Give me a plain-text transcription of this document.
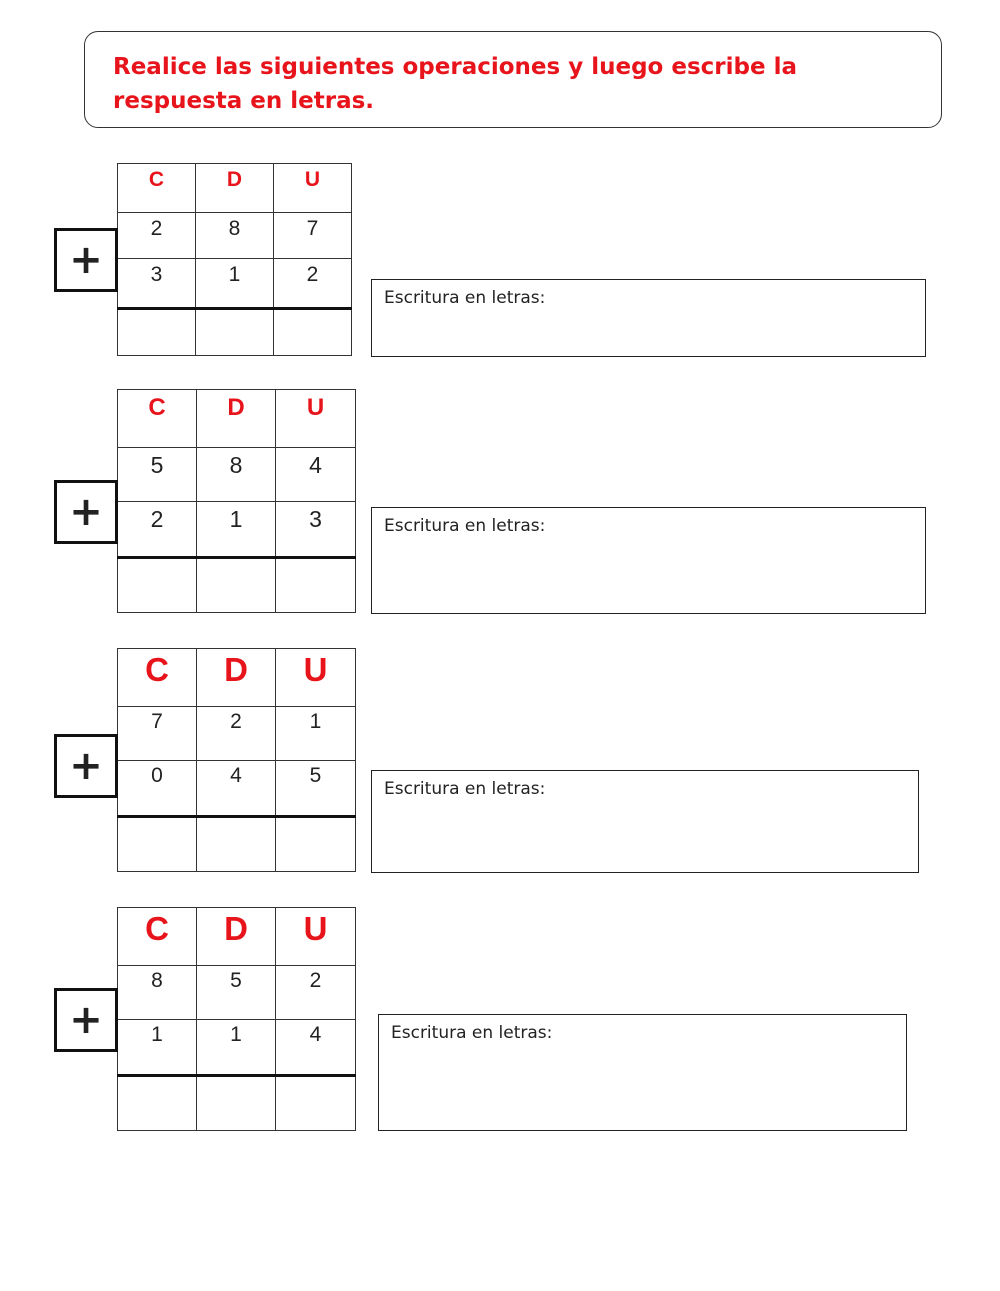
Realice las siguientes operaciones y luego escribe la respuesta en letras.
C	D	U
2	8	7
3	1	2

+
Escritura en letras:
C	D	U
5	8	4
2	1	3

+	Escritura en letras:
C	D	U
7	2	1
0	4	5

+	Escritura en letras:
C	D	U
8	5	2
1	1	4

+	Escritura en letras:
